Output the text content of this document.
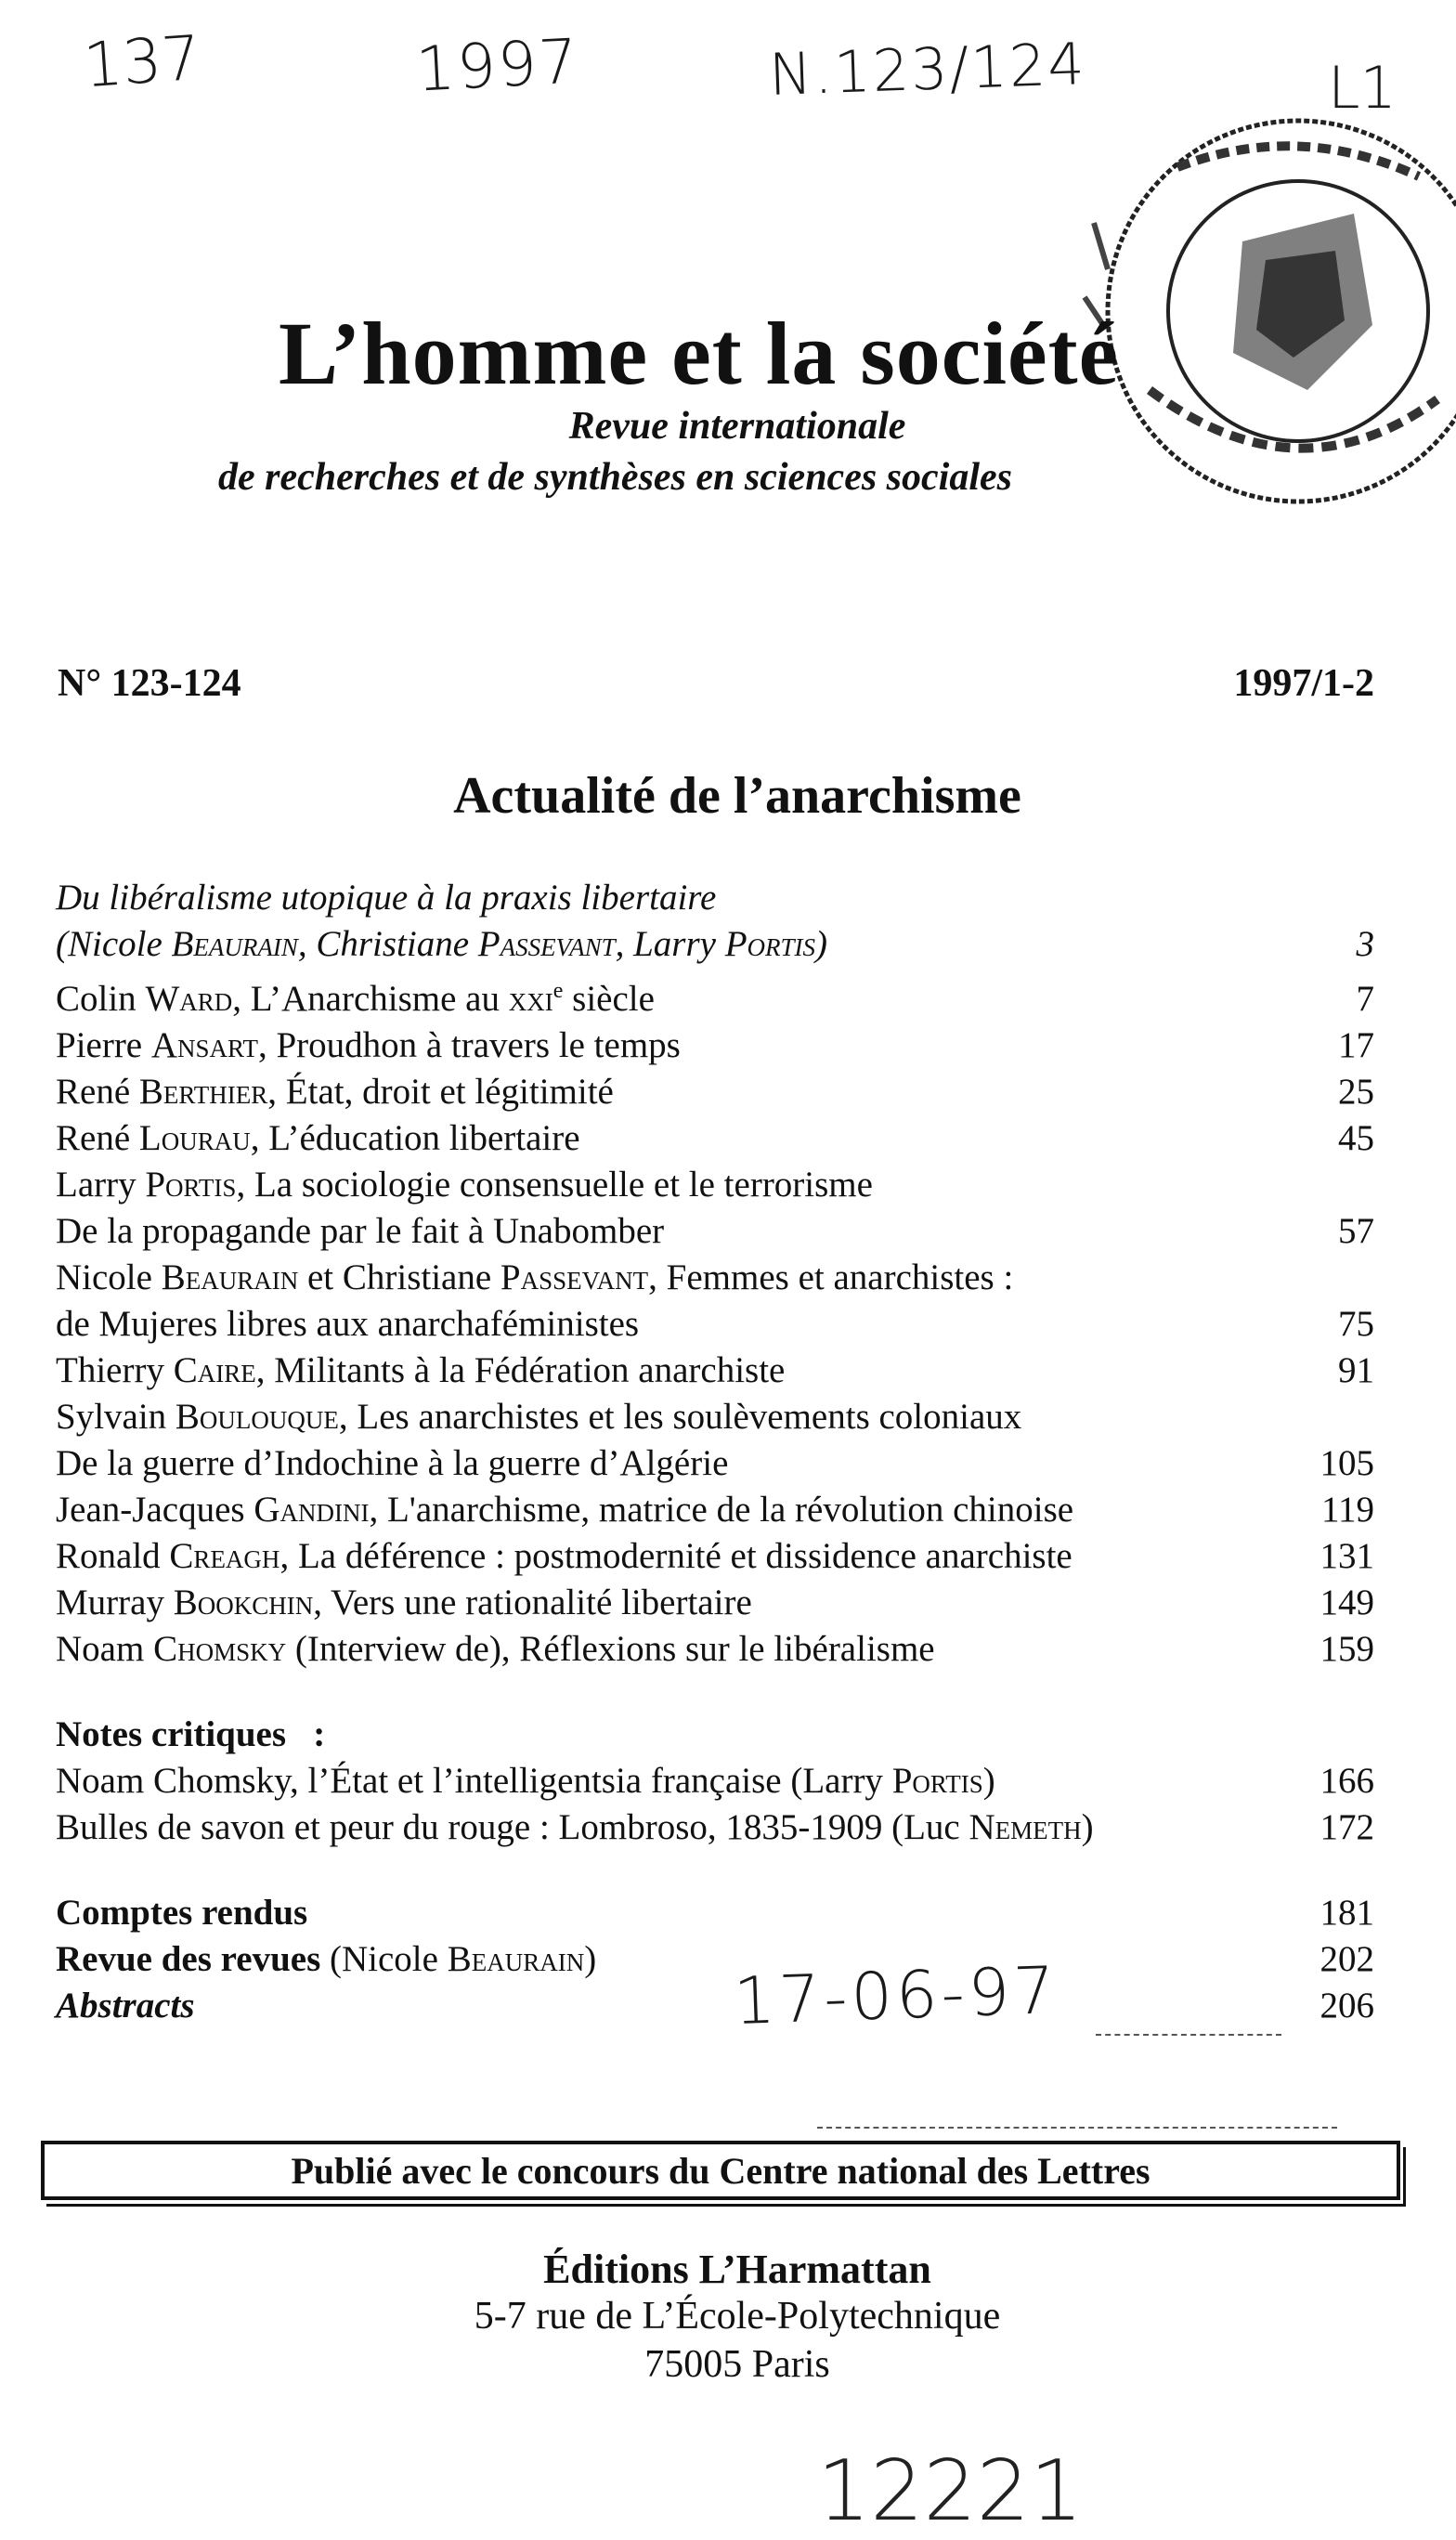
137	1997	N.123/124	L1
L’homme et la société
Revue internationale
de recherches et de synthèses en sciences sociales
N° 123-124	1997/1-2
Actualité de l’anarchisme
Du libéralisme utopique à la praxis libertaire
(Nicole Beaurain, Christiane Passevant, Larry Portis)	3
Colin Ward, L’Anarchisme au xxi$^e$ siècle	7
Pierre Ansart, Proudhon à travers le temps	17
René Berthier, État, droit et légitimité	25
René Lourau, L’éducation libertaire	45
Larry Portis, La sociologie consensuelle et le terrorisme
De la propagande par le fait à Unabomber	57
Nicole Beaurain et Christiane Passevant, Femmes et anarchistes :
de Mujeres libres aux anarchaféministes	75
Thierry Caire, Militants à la Fédération anarchiste	91
Sylvain Boulouque, Les anarchistes et les soulèvements coloniaux
De la guerre d’Indochine à la guerre d’Algérie	105
Jean-Jacques Gandini, L'anarchisme, matrice de la révolution chinoise	119
Ronald Creagh, La déférence : postmodernité et dissidence anarchiste	131
Murray Bookchin, Vers une rationalité libertaire	149
Noam Chomsky (Interview de), Réflexions sur le libéralisme	159
Notes critiques   :
Noam Chomsky, l’État et l’intelligentsia française (Larry Portis)	166
Bulles de savon et peur du rouge : Lombroso, 1835-1909 (Luc Nemeth)	172
Comptes rendus	181
Revue des revues (Nicole Beaurain)	202
Abstracts	206
17-06-97
Publié avec le concours du Centre national des Lettres
Éditions L’Harmattan
5-7 rue de L’École-Polytechnique
75005 Paris
12221
